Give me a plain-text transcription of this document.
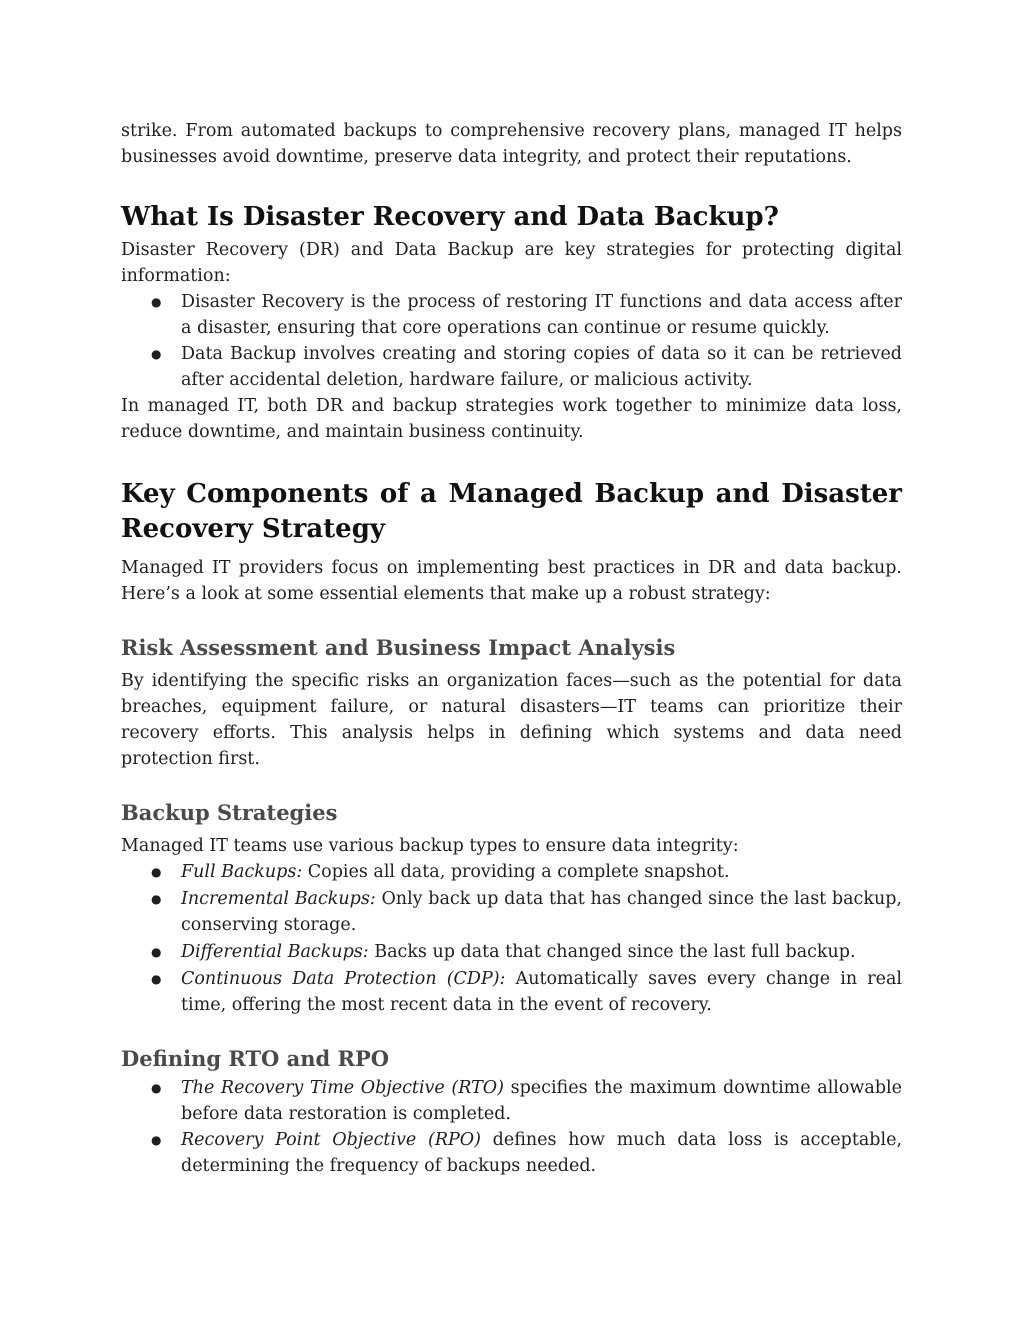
strike. From automated backups to comprehensive recovery plans, managed IT helps businesses avoid downtime, preserve data integrity, and protect their reputations.

What Is Disaster Recovery and Data Backup?

Disaster Recovery (DR) and Data Backup are key strategies for protecting digital information:

● Disaster Recovery is the process of restoring IT functions and data access after a disaster, ensuring that core operations can continue or resume quickly.
● Data Backup involves creating and storing copies of data so it can be retrieved after accidental deletion, hardware failure, or malicious activity.

In managed IT, both DR and backup strategies work together to minimize data loss, reduce downtime, and maintain business continuity.

Key Components of a Managed Backup and Disaster Recovery Strategy

Managed IT providers focus on implementing best practices in DR and data backup. Here’s a look at some essential elements that make up a robust strategy:

Risk Assessment and Business Impact Analysis

By identifying the specific risks an organization faces—such as the potential for data breaches, equipment failure, or natural disasters—IT teams can prioritize their recovery efforts. This analysis helps in defining which systems and data need protection first.

Backup Strategies

Managed IT teams use various backup types to ensure data integrity:

● Full Backups: Copies all data, providing a complete snapshot.
● Incremental Backups: Only back up data that has changed since the last backup, conserving storage.
● Differential Backups: Backs up data that changed since the last full backup.
● Continuous Data Protection (CDP): Automatically saves every change in real time, offering the most recent data in the event of recovery.
Defining RTO and RPO
● The Recovery Time Objective (RTO) specifies the maximum downtime allowable before data restoration is completed.
● Recovery Point Objective (RPO) defines how much data loss is acceptable, determining the frequency of backups needed.
